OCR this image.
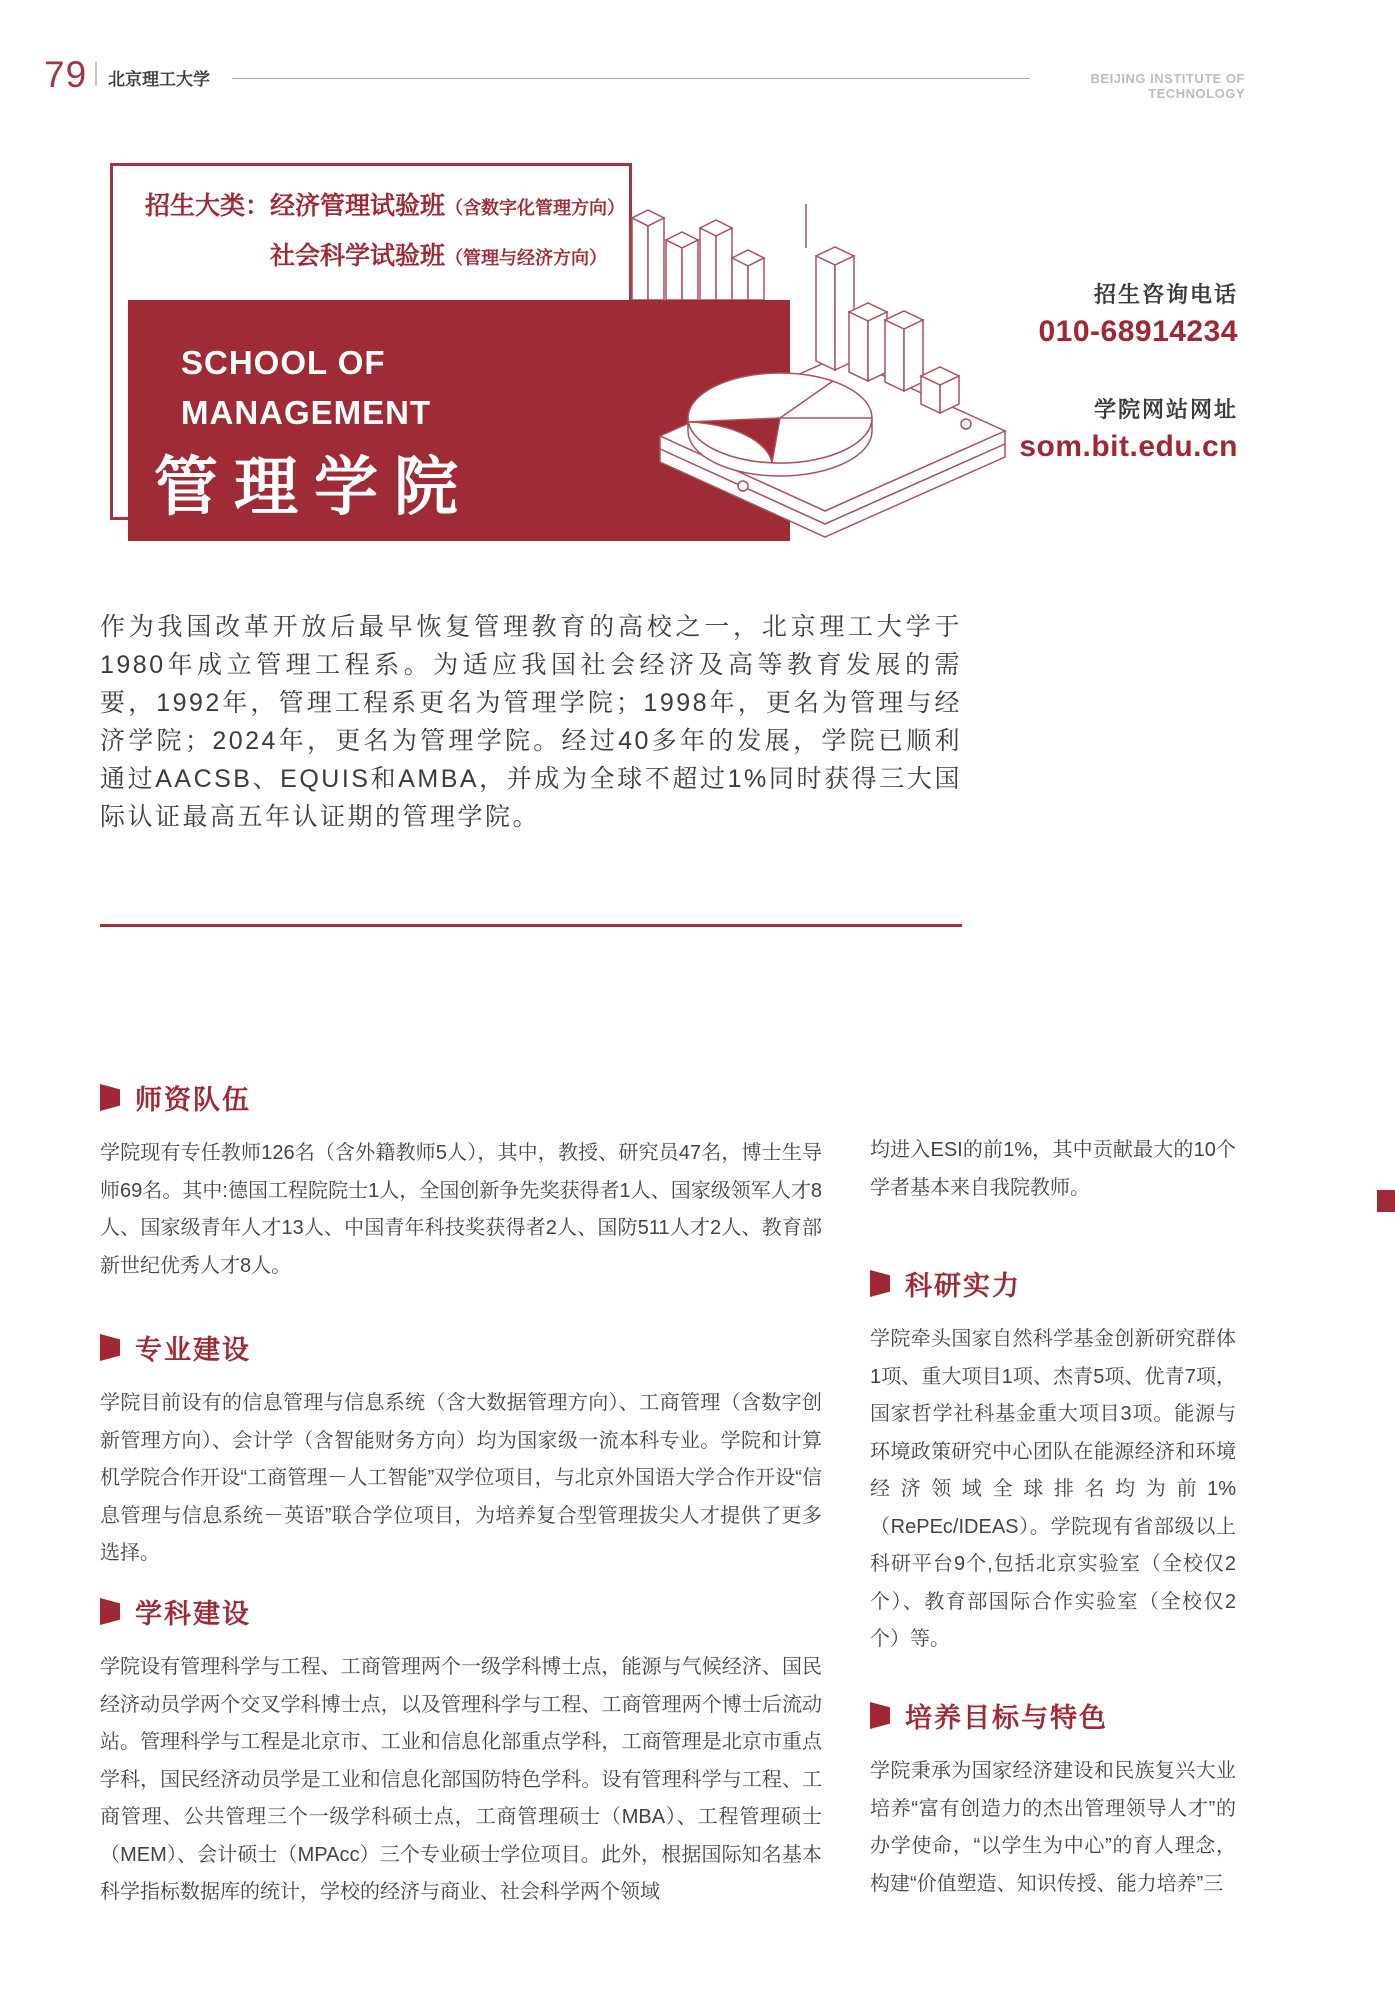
79 北京理工大学	BEIJING INSTITUTE OF TECHNOLOGY
招生大类： 经济管理试验班 （含数字化管理方向）
社会科学试验班 （管理与经济方向）
SCHOOL OF
MANAGEMENT
管理学院
招生咨询电话
010-68914234
学院网站网址
som.bit.edu.cn

作为我国改革开放后最早恢复管理教育的高校之一，北京理工大学于1980年成立管理工程系。为适应我国社会经济及高等教育发展的需要，1992年，管理工程系更名为管理学院；1998年，更名为管理与经济学院；2024年，更名为管理学院。经过40多年的发展，学院已顺利通过AACSB、EQUIS和AMBA，并成为全球不超过1%同时获得三大国际认证最高五年认证期的管理学院。

师资队伍

学院现有专任教师126名（含外籍教师5人），其中，教授、研究员47名，博士生导师69名。其中:德国工程院院士1人，全国创新争先奖获得者1人、国家级领军人才8人、国家级青年人才13人、中国青年科技奖获得者2人、国防511人才2人、教育部新世纪优秀人才8人。

专业建设

学院目前设有的信息管理与信息系统（含大数据管理方向）、工商管理（含数字创新管理方向）、会计学（含智能财务方向）均为国家级一流本科专业。学院和计算机学院合作开设“工商管理－人工智能”双学位项目，与北京外国语大学合作开设“信息管理与信息系统－英语”联合学位项目，为培养复合型管理拔尖人才提供了更多选择。

学科建设

学院设有管理科学与工程、工商管理两个一级学科博士点，能源与气候经济、国民经济动员学两个交叉学科博士点，以及管理科学与工程、工商管理两个博士后流动站。管理科学与工程是北京市、工业和信息化部重点学科，工商管理是北京市重点学科，国民经济动员学是工业和信息化部国防特色学科。设有管理科学与工程、工商管理、公共管理三个一级学科硕士点，工商管理硕士（MBA）、工程管理硕士（MEM）、会计硕士（MPAcc）三个专业硕士学位项目。此外，根据国际知名基本科学指标数据库的统计，学校的经济与商业、社会科学两个领域

均进入ESI的前1%，其中贡献最大的10个学者基本来自我院教师。

科研实力

学院牵头国家自然科学基金创新研究群体1项、重大项目1项、杰青5项、优青7项，国家哲学社科基金重大项目3项。能源与环境政策研究中心团队在能源经济和环境经济领域全球排名均为前1%（RePEc/IDEAS）。学院现有省部级以上科研平台9个,包括北京实验室（全校仅2个）、教育部国际合作实验室（全校仅2个）等。

培养目标与特色

学院秉承为国家经济建设和民族复兴大业培养“富有创造力的杰出管理领导人才”的办学使命，“以学生为中心”的育人理念，构建“价值塑造、知识传授、能力培养”三
